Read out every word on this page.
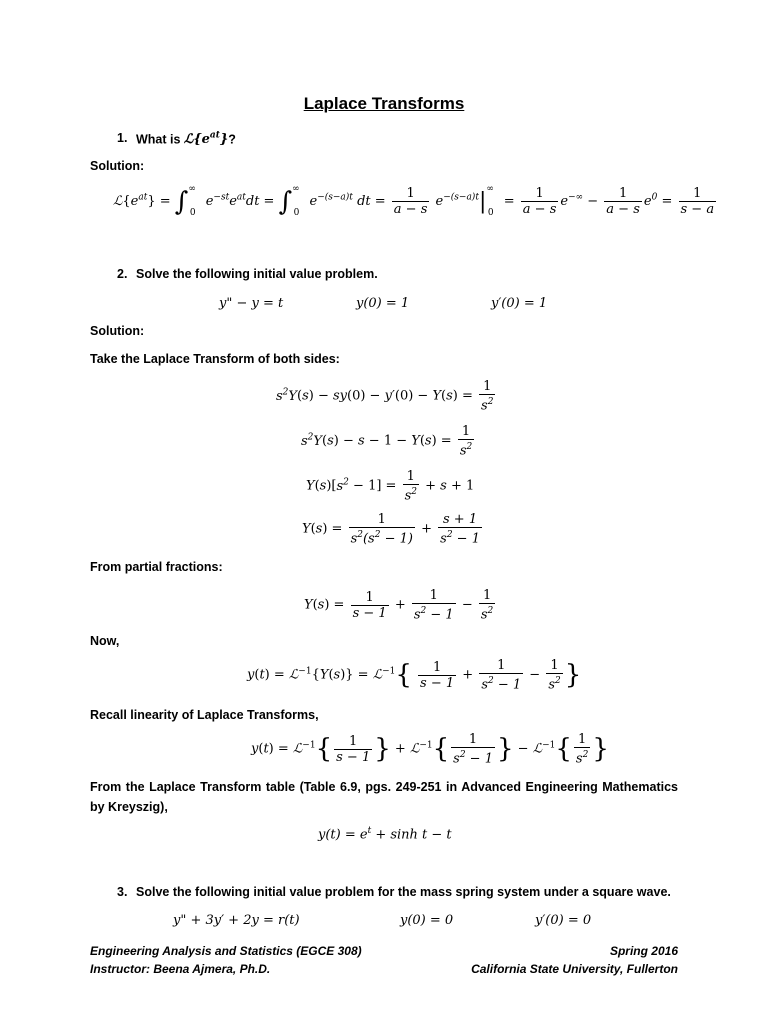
Laplace Transforms
1. What is $ℒ\{e^{at}\}$?
Solution:
$ℒ\{e^{at}\} = \int^\infty_0$ $e^{-st}e^{at}dt = \int^\infty_0$ $e^{-(s-a)t}$ dt = $\frac{1}{a - s} e^{-(s-a)t}|^\infty_0 = \frac{1}{a - s} e^{-\infty} - \frac{1}{a - s} e^0 = \frac{1}{s - a}$
2. Solve the following initial value problem.
y" − y = t	y(0) = 1	y′(0) = 1
Solution:
Take the Laplace Transform of both sides:
$s^2Y(s) - sy(0) - y'(0) - Y(s) = \frac{1}{s^2}$
$s^2Y(s) - s - 1 - Y(s) = \frac{1}{s^2}$
$Y(s)[s^2 - 1] = \frac{1}{s^2} + s + 1$
$Y(s) = \frac{1}{s^2(s^2 - 1)} + \frac{s + 1}{s^2 - 1}$
From partial fractions:
$Y(s) = \frac{1}{s - 1} + \frac{1}{s^2 - 1} - \frac{1}{s^2}$
Now,
y(t) = ℒ$^{-1}${Y(s)} = ℒ$^{-1}${ $\frac{1}{s - 1} + \frac{1}{s^2 - 1} - \frac{1}{s^2}$ }
Recall linearity of Laplace Transforms,
y(t) = ℒ$^{-1}${ $\frac{1}{s - 1}$ } + ℒ$^{-1}${ $\frac{1}{s^2 - 1}$ } − ℒ$^{-1}${ $\frac{1}{s^2}$ }
From the Laplace Transform table (Table 6.9, pgs. 249-251 in Advanced Engineering Mathematics by Kreyszig),
$y(t) = e^t + \sinh t - t$
3. Solve the following initial value problem for the mass spring system under a square wave.
y" + 3y′ + 2y = r(t)	y(0) = 0	y′(0) = 0
Engineering Analysis and Statistics (EGCE 308)
Instructor: Beena Ajmera, Ph.D.
Spring 2016
California State University, Fullerton
